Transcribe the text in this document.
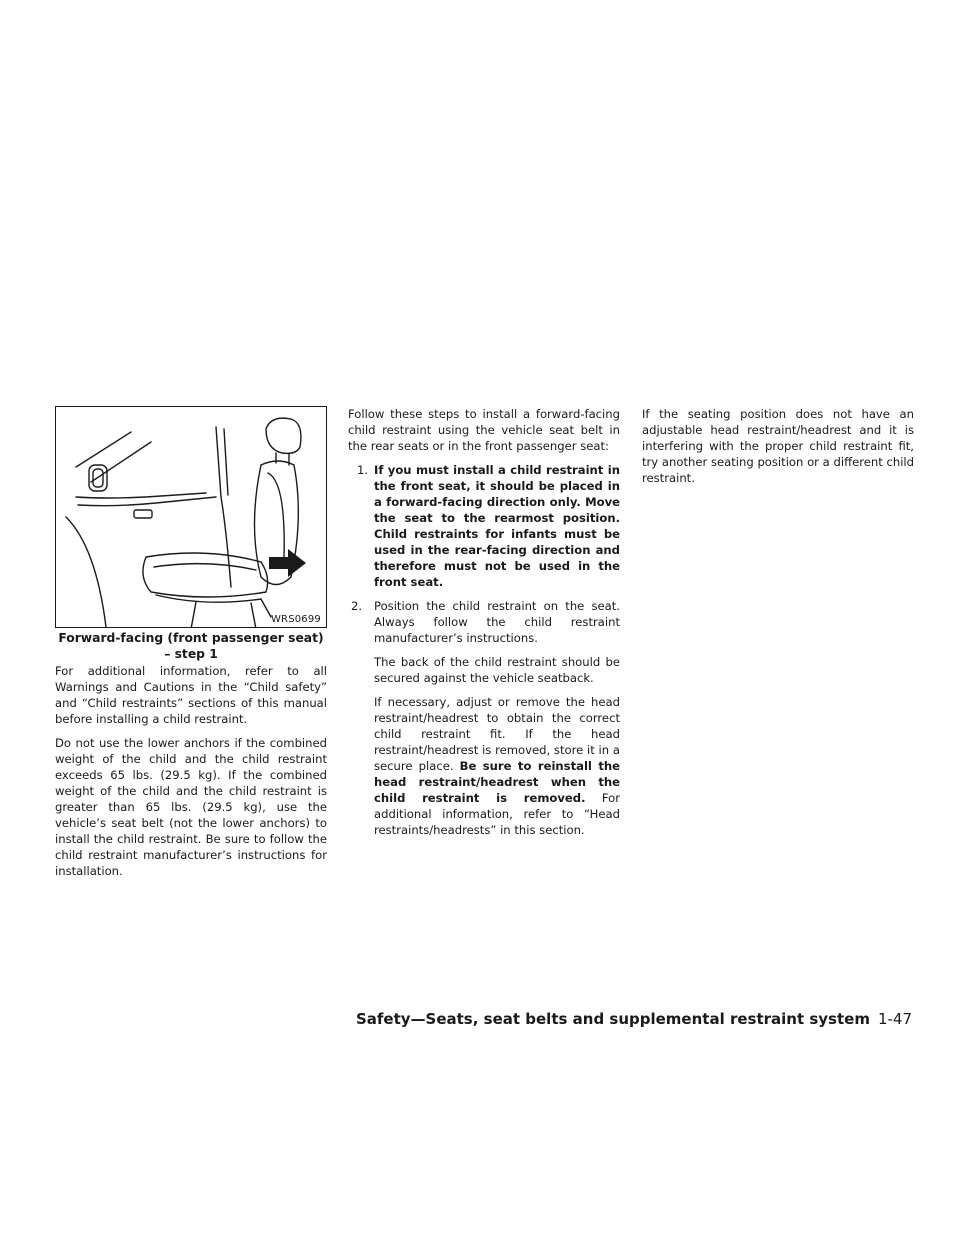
WRS0699
Forward-facing (front passenger seat) – step 1

For additional information, refer to all Warnings and Cautions in the “Child safety” and “Child restraints” sections of this manual before installing a child restraint.

Do not use the lower anchors if the combined weight of the child and the child restraint exceeds 65 lbs. (29.5 kg). If the combined weight of the child and the child restraint is greater than 65 lbs. (29.5 kg), use the vehicle’s seat belt (not the lower anchors) to install the child restraint. Be sure to follow the child restraint manufacturer’s instructions for installation.

Follow these steps to install a forward-facing child restraint using the vehicle seat belt in the rear seats or in the front passenger seat:

1. If you must install a child restraint in the front seat, it should be placed in a forward-facing direction only. Move the seat to the rearmost position. Child restraints for infants must be used in the rear-facing direction and therefore must not be used in the front seat.
2. Position the child restraint on the seat. Always follow the child restraint manufacturer’s instructions.

The back of the child restraint should be secured against the vehicle seatback.

If necessary, adjust or remove the head restraint/headrest to obtain the correct child restraint fit. If the head restraint/headrest is removed, store it in a secure place. Be sure to reinstall the head restraint/headrest when the child restraint is removed. For additional information, refer to “Head restraints/headrests” in this section.

If the seating position does not have an adjustable head restraint/headrest and it is interfering with the proper child restraint fit, try another seating position or a different child restraint.

Safety—Seats, seat belts and supplemental restraint system 1-47
